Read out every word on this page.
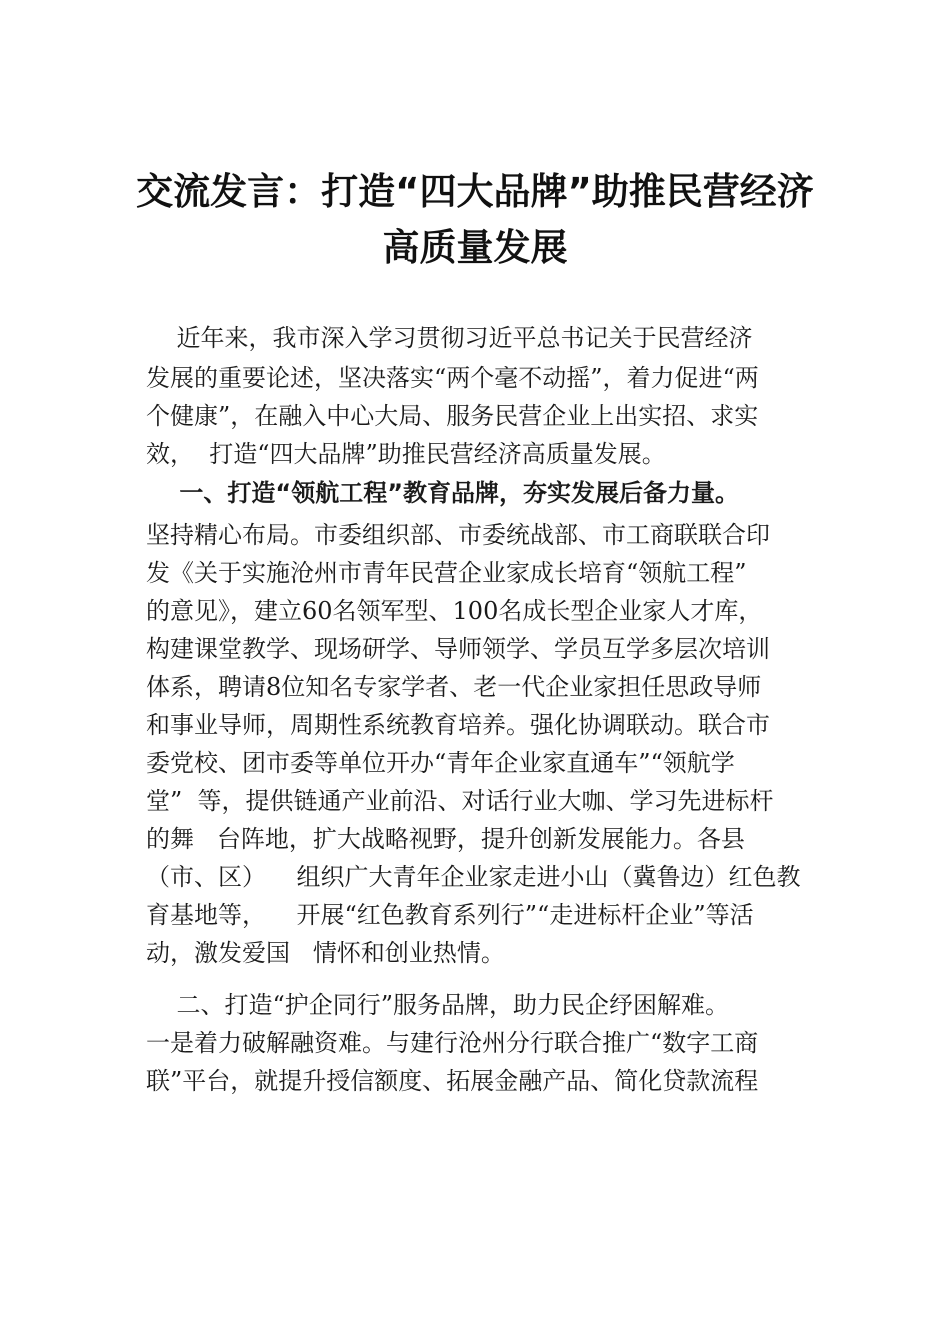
交流发言：打造“四大品牌”助推民营经济
高质量发展
近年来，我市深入学习贯彻习近平总书记关于民营经济
发展的重要论述，坚决落实“两个毫不动摇”，着力促进“两
个健康”，在融入中心大局、服务民营企业上出实招、求实
效，  打造“四大品牌”助推民营经济高质量发展。
一、打造“领航工程”教育品牌，夯实发展后备力量。
坚持精心布局。市委组织部、市委统战部、市工商联联合印
发《关于实施沧州市青年民营企业家成长培育“领航工程”
的意见》，建立60名领军型、100名成长型企业家人才库，
构建课堂教学、现场研学、导师领学、学员互学多层次培训
体系，聘请8位知名专家学者、老一代企业家担任思政导师
和事业导师，周期性系统教育培养。强化协调联动。联合市
委党校、团市委等单位开办“青年企业家直通车”“领航学
堂”  等，提供链通产业前沿、对话行业大咖、学习先进标杆
的舞   台阵地，扩大战略视野，提升创新发展能力。各县
（市、区）    组织广大青年企业家走进小山（冀鲁边）红色教
育基地等，    开展“红色教育系列行”“走进标杆企业”等活
动，激发爱国   情怀和创业热情。
二、打造“护企同行”服务品牌，助力民企纾困解难。
一是着力破解融资难。与建行沧州分行联合推广“数字工商
联”平台，就提升授信额度、拓展金融产品、简化贷款流程
